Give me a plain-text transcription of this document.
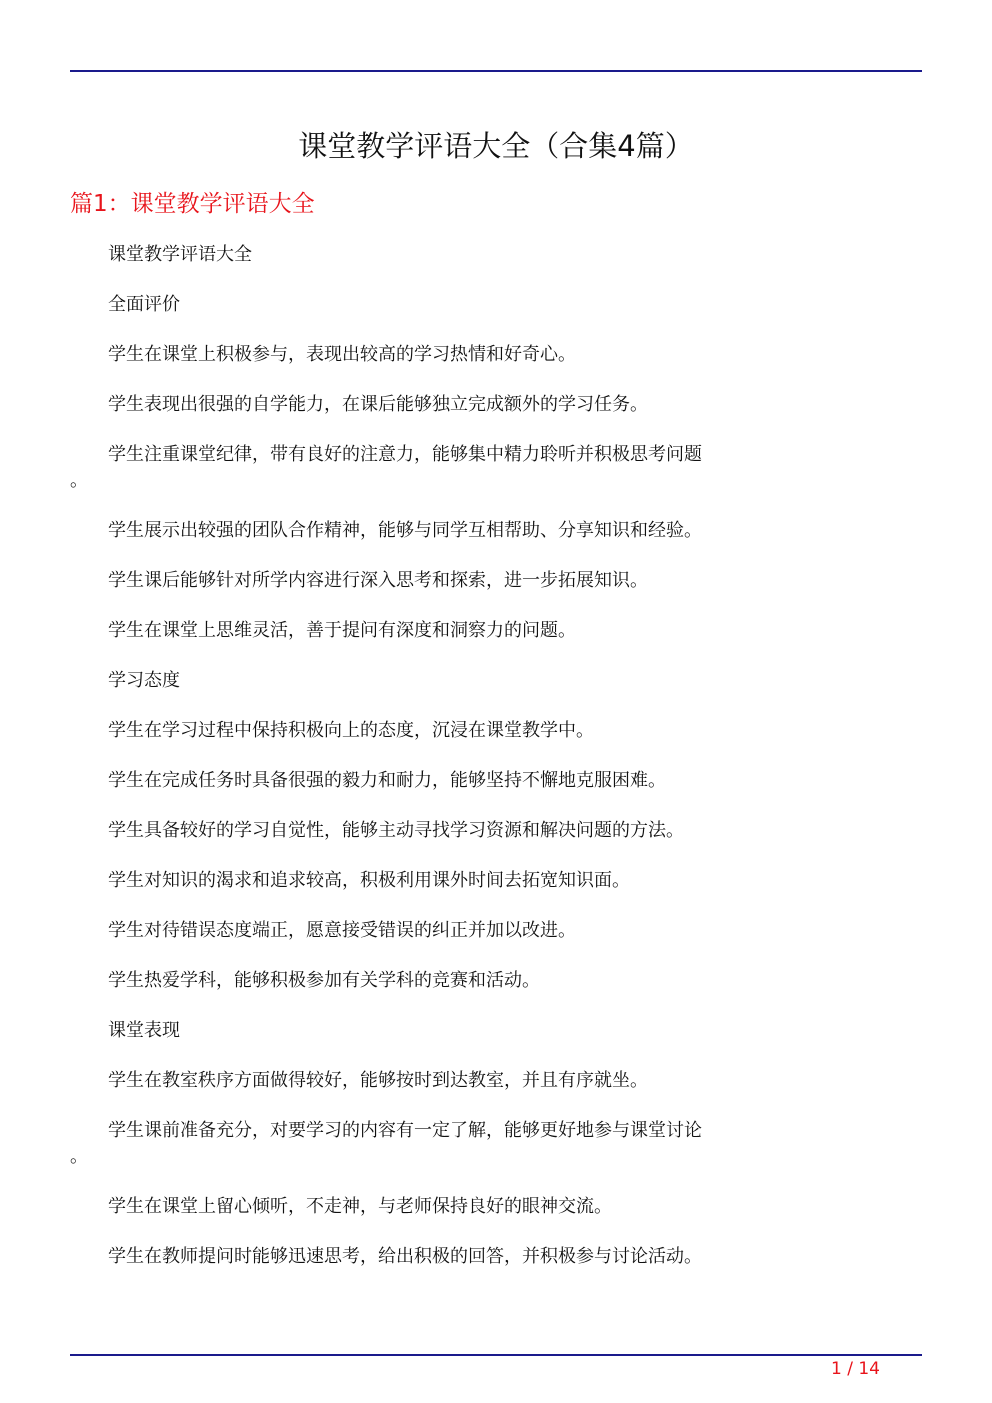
课堂教学评语大全（合集4篇）
篇1：课堂教学评语大全
课堂教学评语大全
全面评价
学生在课堂上积极参与，表现出较高的学习热情和好奇心。
学生表现出很强的自学能力，在课后能够独立完成额外的学习任务。
学生注重课堂纪律，带有良好的注意力，能够集中精力聆听并积极思考问题
。
学生展示出较强的团队合作精神，能够与同学互相帮助、分享知识和经验。
学生课后能够针对所学内容进行深入思考和探索，进一步拓展知识。
学生在课堂上思维灵活，善于提问有深度和洞察力的问题。
学习态度
学生在学习过程中保持积极向上的态度，沉浸在课堂教学中。
学生在完成任务时具备很强的毅力和耐力，能够坚持不懈地克服困难。
学生具备较好的学习自觉性，能够主动寻找学习资源和解决问题的方法。
学生对知识的渴求和追求较高，积极利用课外时间去拓宽知识面。
学生对待错误态度端正，愿意接受错误的纠正并加以改进。
学生热爱学科，能够积极参加有关学科的竞赛和活动。
课堂表现
学生在教室秩序方面做得较好，能够按时到达教室，并且有序就坐。
学生课前准备充分，对要学习的内容有一定了解，能够更好地参与课堂讨论
。
学生在课堂上留心倾听，不走神，与老师保持良好的眼神交流。
学生在教师提问时能够迅速思考，给出积极的回答，并积极参与讨论活动。
1 / 14
